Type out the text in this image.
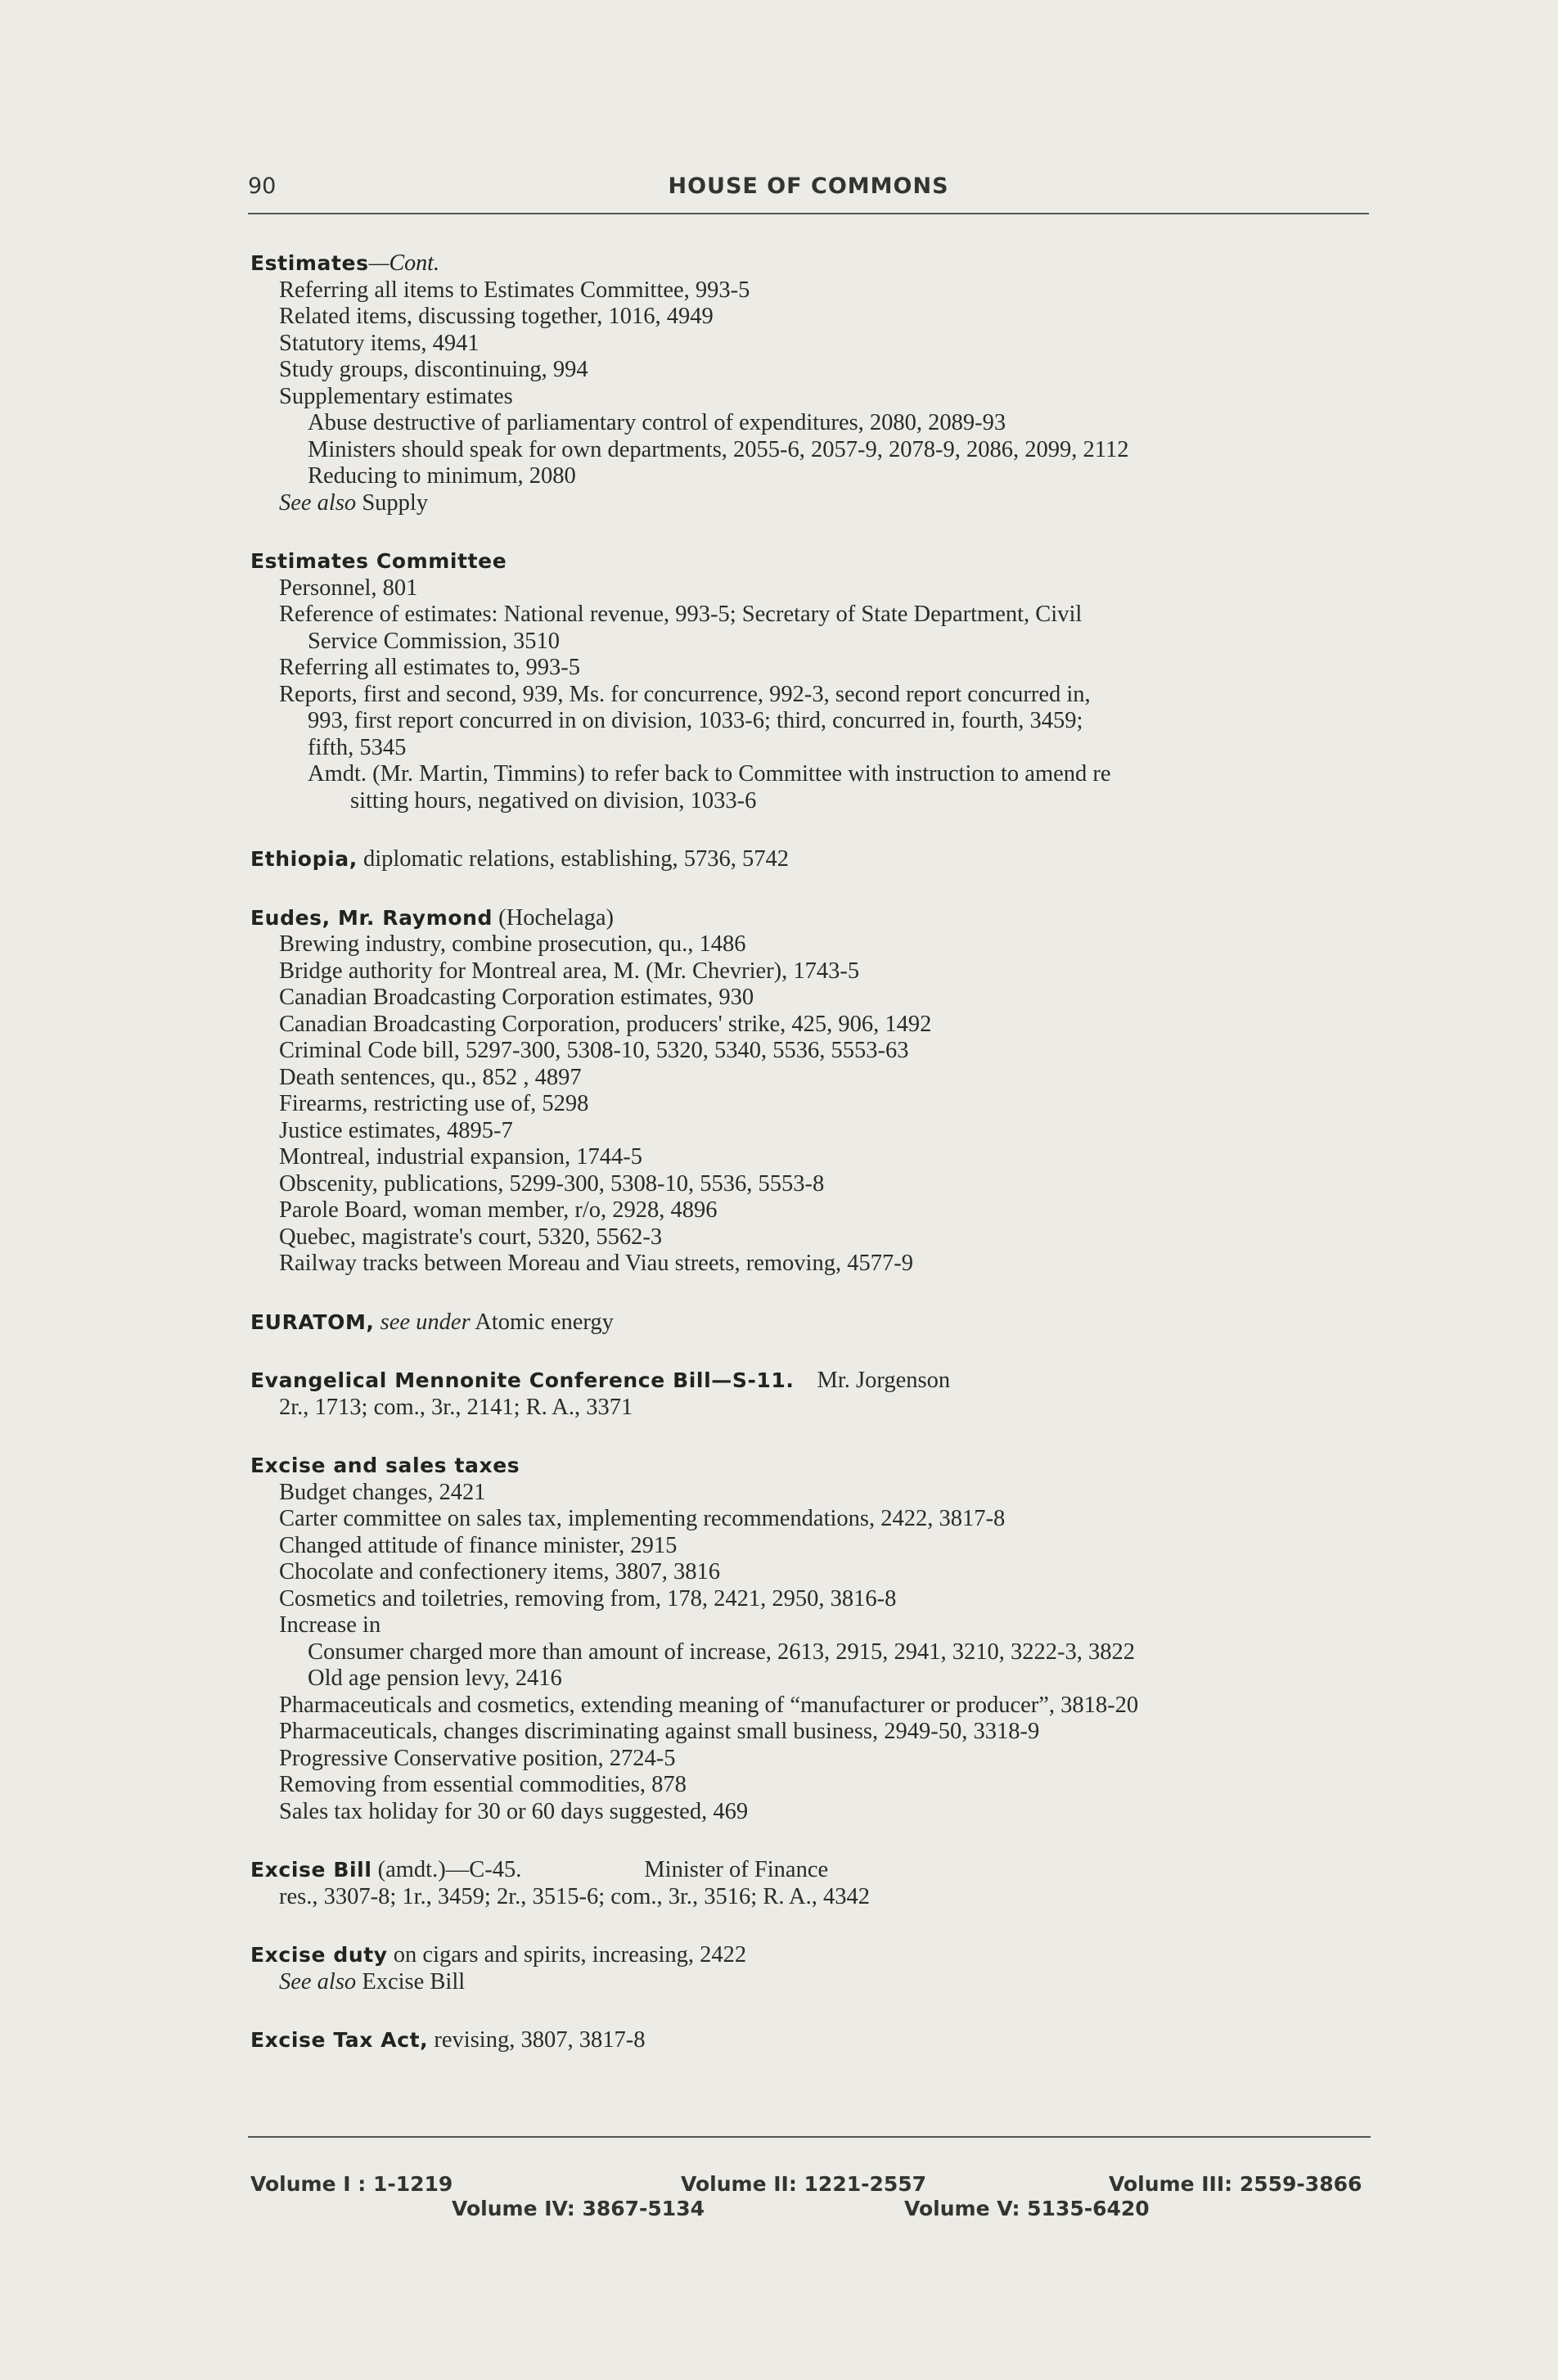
90	HOUSE OF COMMONS
Estimates—Cont.
Referring all items to Estimates Committee, 993-5
Related items, discussing together, 1016, 4949
Statutory items, 4941
Study groups, discontinuing, 994
Supplementary estimates
Abuse destructive of parliamentary control of expenditures, 2080, 2089-93
Ministers should speak for own departments, 2055-6, 2057-9, 2078-9, 2086, 2099, 2112
Reducing to minimum, 2080
See also Supply
Estimates Committee
Personnel, 801
Reference of estimates: National revenue, 993-5; Secretary of State Department, Civil
Service Commission, 3510
Referring all estimates to, 993-5
Reports, first and second, 939, Ms. for concurrence, 992-3, second report concurred in,
993, first report concurred in on division, 1033-6; third, concurred in, fourth, 3459;
fifth, 5345
Amdt. (Mr. Martin, Timmins) to refer back to Committee with instruction to amend re
sitting hours, negatived on division, 1033-6
Ethiopia, diplomatic relations, establishing, 5736, 5742
Eudes, Mr. Raymond (Hochelaga)
Brewing industry, combine prosecution, qu., 1486
Bridge authority for Montreal area, M. (Mr. Chevrier), 1743-5
Canadian Broadcasting Corporation estimates, 930
Canadian Broadcasting Corporation, producers' strike, 425, 906, 1492
Criminal Code bill, 5297-300, 5308-10, 5320, 5340, 5536, 5553-63
Death sentences, qu., 852 , 4897
Firearms, restricting use of, 5298
Justice estimates, 4895-7
Montreal, industrial expansion, 1744-5
Obscenity, publications, 5299-300, 5308-10, 5536, 5553-8
Parole Board, woman member, r/o, 2928, 4896
Quebec, magistrate's court, 5320, 5562-3
Railway tracks between Moreau and Viau streets, removing, 4577-9
EURATOM, see under Atomic energy
Evangelical Mennonite Conference Bill—S-11. Mr. Jorgenson
2r., 1713; com., 3r., 2141; R. A., 3371
Excise and sales taxes
Budget changes, 2421
Carter committee on sales tax, implementing recommendations, 2422, 3817-8
Changed attitude of finance minister, 2915
Chocolate and confectionery items, 3807, 3816
Cosmetics and toiletries, removing from, 178, 2421, 2950, 3816-8
Increase in
Consumer charged more than amount of increase, 2613, 2915, 2941, 3210, 3222-3, 3822
Old age pension levy, 2416
Pharmaceuticals and cosmetics, extending meaning of “manufacturer or producer”, 3818-20
Pharmaceuticals, changes discriminating against small business, 2949-50, 3318-9
Progressive Conservative position, 2724-5
Removing from essential commodities, 878
Sales tax holiday for 30 or 60 days suggested, 469
Excise Bill (amdt.)—C-45.	Minister of Finance
res., 3307-8; 1r., 3459; 2r., 3515-6; com., 3r., 3516; R. A., 4342
Excise duty on cigars and spirits, increasing, 2422
See also Excise Bill
Excise Tax Act, revising, 3807, 3817-8
Volume I : 1-1219	Volume II: 1221-2557	Volume III: 2559-3866
Volume IV: 3867-5134	Volume V: 5135-6420
